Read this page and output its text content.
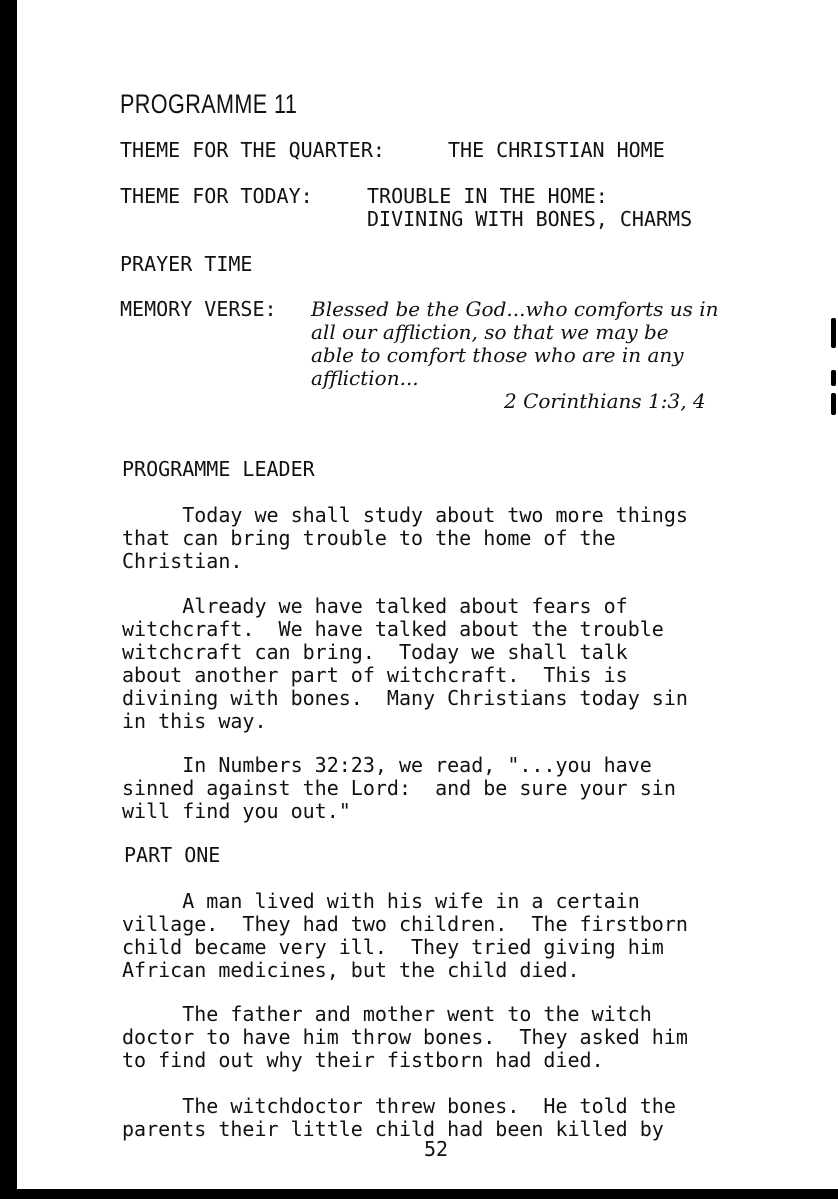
PROGRAMME 11
THEME FOR THE QUARTER:	THE CHRISTIAN HOME
THEME FOR TODAY:	TROUBLE IN THE HOME:
DIVINING WITH BONES, CHARMS
PRAYER TIME
MEMORY VERSE: Blessed be the God...who comforts us in
all our affliction, so that we may be
able to comfort those who are in any
affliction...
2 Corinthians 1:3, 4
PROGRAMME LEADER
Today we shall study about two more things
that can bring trouble to the home of the
Christian.
Already we have talked about fears of
witchcraft.  We have talked about the trouble
witchcraft can bring.  Today we shall talk
about another part of witchcraft.  This is
divining with bones.  Many Christians today sin
in this way.
In Numbers 32:23, we read, "...you have
sinned against the Lord:  and be sure your sin
will find you out."
PART ONE
A man lived with his wife in a certain
village.  They had two children.  The firstborn
child became very ill.  They tried giving him
African medicines, but the child died.
The father and mother went to the witch
doctor to have him throw bones.  They asked him
to find out why their fistborn had died.
The witchdoctor threw bones.  He told the
parents their little child had been killed by
52
